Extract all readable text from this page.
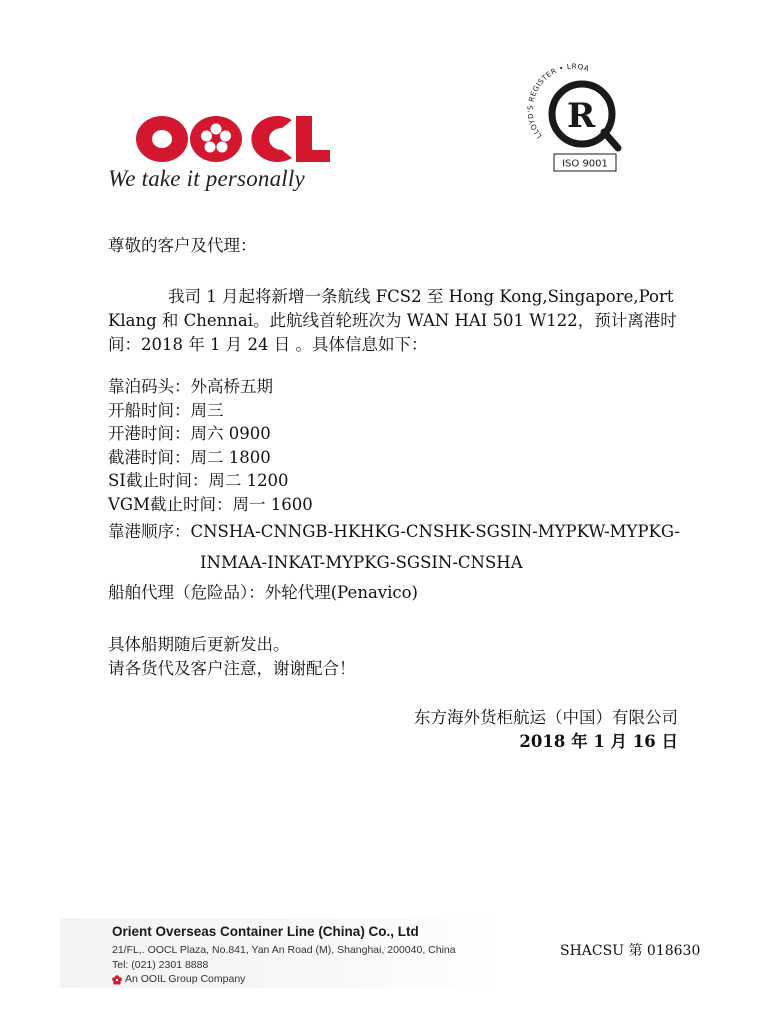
We take it personally
LLOYD'S REGISTER • LRQA
R
ISO 9001
尊敬的客户及代理：
我司 1 月起将新增一条航线 FCS2 至 Hong Kong,Singapore,Port
Klang 和 Chennai。此航线首轮班次为 WAN HAI 501 W122，预计离港时
间：2018 年 1 月 24 日 。具体信息如下：
靠泊码头：外高桥五期
开船时间：周三
开港时间：周六 0900
截港时间：周二 1800
SI截止时间：周二 1200
VGM截止时间：周一 1600
靠港顺序：CNSHA-CNNGB-HKHKG-CNSHK-SGSIN-MYPKW-MYPKG-
INMAA-INKAT-MYPKG-SGSIN-CNSHA
船舶代理（危险品）：外轮代理(Penavico)
具体船期随后更新发出。
请各货代及客户注意，谢谢配合！
东方海外货柜航运（中国）有限公司
2018 年 1 月 16 日
Orient Overseas Container Line (China) Co., Ltd
21/FL,. OOCL Plaza, No.841, Yan An Road (M), Shanghai, 200040, China
Tel: (021) 2301 8888
An OOIL Group Company
SHACSU 第 018630
